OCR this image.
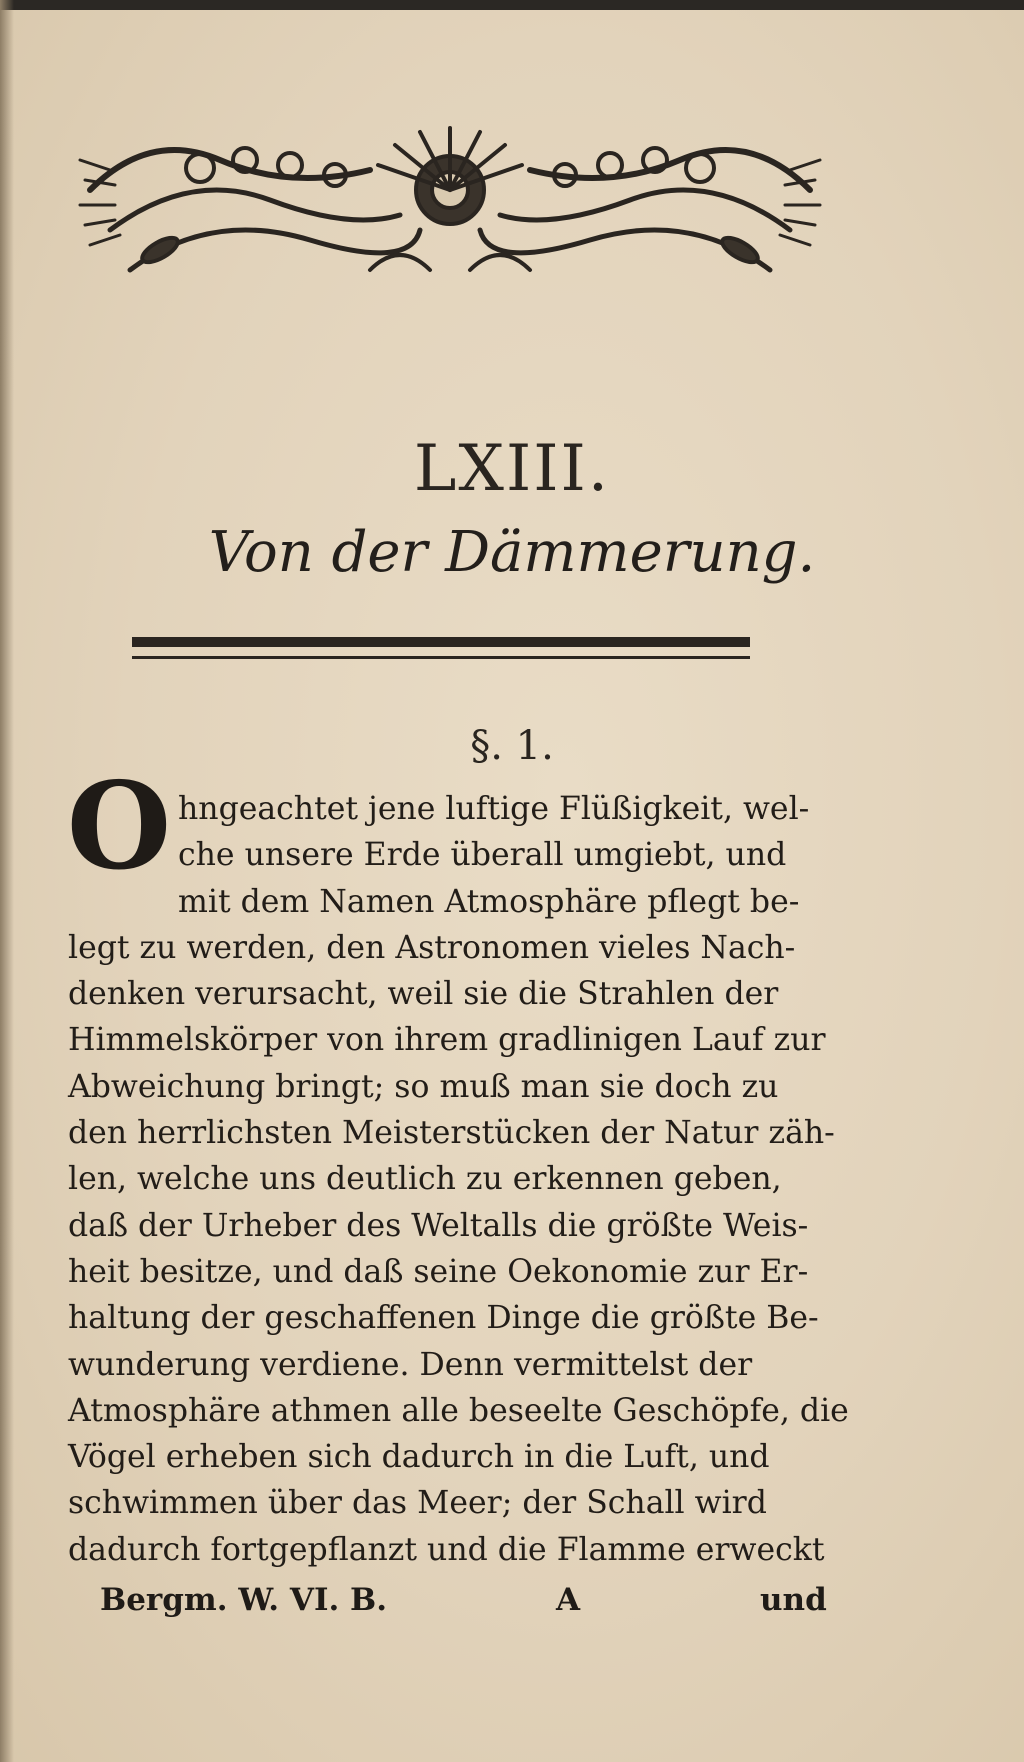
LXIII.
Von der Dämmerung.
§. 1.
O hngeachtet jene luftige Flüßigkeit, wel-
che unsere Erde überall umgiebt, und
mit dem Namen Atmosphäre pflegt be-
legt zu werden, den Astronomen vieles Nach-
denken verursacht, weil sie die Strahlen der
Himmelskörper von ihrem gradlinigen Lauf zur
Abweichung bringt; so muß man sie doch zu
den herrlichsten Meisterstücken der Natur zäh-
len, welche uns deutlich zu erkennen geben,
daß der Urheber des Weltalls die größte Weis-
heit besitze, und daß seine Oekonomie zur Er-
haltung der geschaffenen Dinge die größte Be-
wunderung verdiene. Denn vermittelst der
Atmosphäre athmen alle beseelte Geschöpfe, die
Vögel erheben sich dadurch in die Luft, und
schwimmen über das Meer; der Schall wird
dadurch fortgepflanzt und die Flamme erweckt
Bergm. W. VI. B.	A	und
